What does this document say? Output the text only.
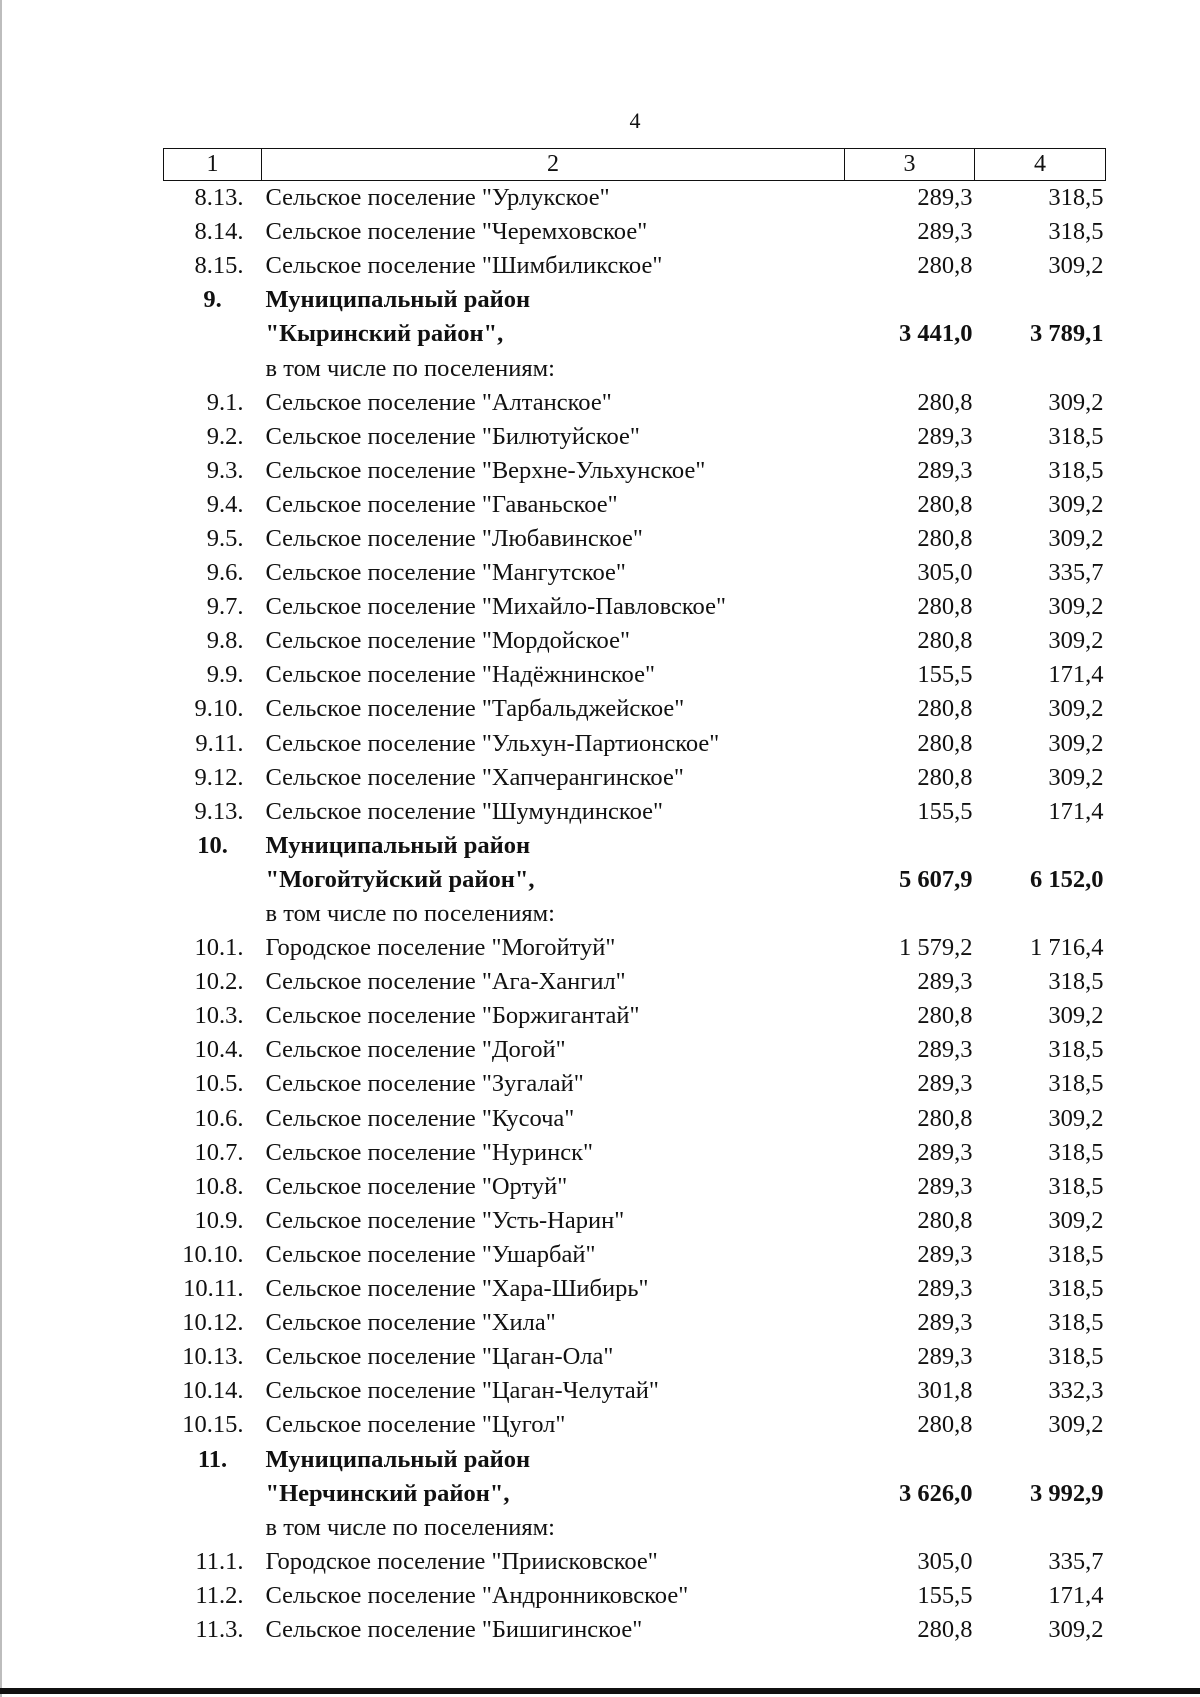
4
1	2	3	4
8.13.	Сельское поселение "Урлукское"	289,3	318,5
8.14.	Сельское поселение "Черемховское"	289,3	318,5
8.15.	Сельское поселение "Шимбиликское"	280,8	309,2
9.	Муниципальный район		
	"Кыринский район",	3 441,0	3 789,1
	в том числе по поселениям:		
9.1.	Сельское поселение "Алтанское"	280,8	309,2
9.2.	Сельское поселение "Билютуйское"	289,3	318,5
9.3.	Сельское поселение "Верхне-Ульхунское"	289,3	318,5
9.4.	Сельское поселение "Гаваньское"	280,8	309,2
9.5.	Сельское поселение "Любавинское"	280,8	309,2
9.6.	Сельское поселение "Мангутское"	305,0	335,7
9.7.	Сельское поселение "Михайло-Павловское"	280,8	309,2
9.8.	Сельское поселение "Мордойское"	280,8	309,2
9.9.	Сельское поселение "Надёжнинское"	155,5	171,4
9.10.	Сельское поселение "Тарбальджейское"	280,8	309,2
9.11.	Сельское поселение "Ульхун-Партионское"	280,8	309,2
9.12.	Сельское поселение "Хапчерангинское"	280,8	309,2
9.13.	Сельское поселение "Шумундинское"	155,5	171,4
10.	Муниципальный район		
	"Могойтуйский район",	5 607,9	6 152,0
	в том числе по поселениям:		
10.1.	Городское поселение "Могойтуй"	1 579,2	1 716,4
10.2.	Сельское поселение "Ага-Хангил"	289,3	318,5
10.3.	Сельское поселение "Боржигантай"	280,8	309,2
10.4.	Сельское поселение "Догой"	289,3	318,5
10.5.	Сельское поселение "Зугалай"	289,3	318,5
10.6.	Сельское поселение "Кусоча"	280,8	309,2
10.7.	Сельское поселение "Нуринск"	289,3	318,5
10.8.	Сельское поселение "Ортуй"	289,3	318,5
10.9.	Сельское поселение "Усть-Нарин"	280,8	309,2
10.10.	Сельское поселение "Ушарбай"	289,3	318,5
10.11.	Сельское поселение "Хара-Шибирь"	289,3	318,5
10.12.	Сельское поселение "Хила"	289,3	318,5
10.13.	Сельское поселение "Цаган-Ола"	289,3	318,5
10.14.	Сельское поселение "Цаган-Челутай"	301,8	332,3
10.15.	Сельское поселение "Цугол"	280,8	309,2
11.	Муниципальный район		
	"Нерчинский район",	3 626,0	3 992,9
	в том числе по поселениям:		
11.1.	Городское поселение "Приисковское"	305,0	335,7
11.2.	Сельское поселение "Андронниковское"	155,5	171,4
11.3.	Сельское поселение "Бишигинское"	280,8	309,2
